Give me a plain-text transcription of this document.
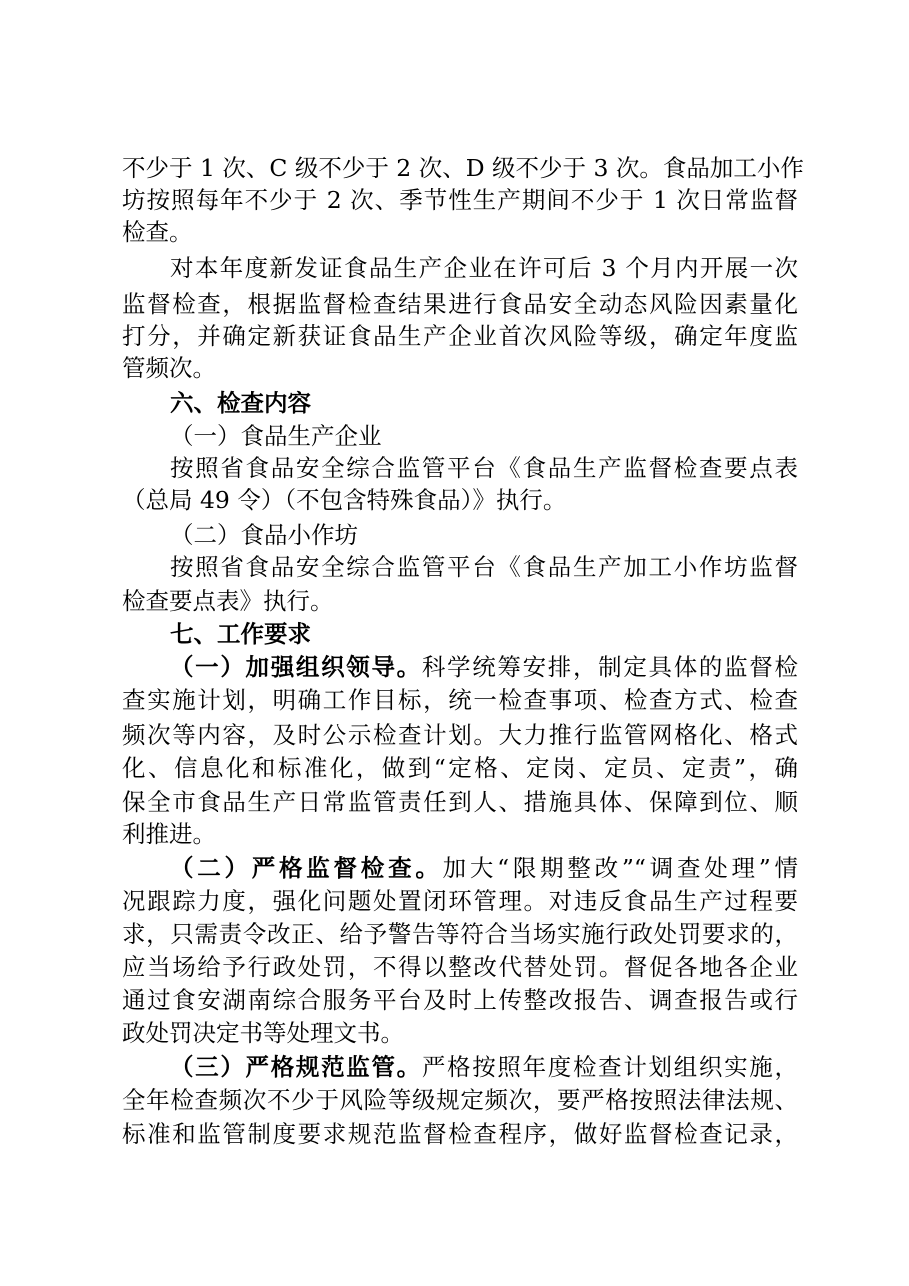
不少于 1 次、C 级不少于 2 次、D 级不少于 3 次。食品加工小作
坊按照每年不少于 2 次、季节性生产期间不少于 1 次日常监督
检查。
对本年度新发证食品生产企业在许可后 3 个月内开展一次
监督检查，根据监督检查结果进行食品安全动态风险因素量化
打分，并确定新获证食品生产企业首次风险等级，确定年度监
管频次。
六、检查内容
（一）食品生产企业
按照省食品安全综合监管平台《食品生产监督检查要点表
（总局 49 令）（不包含特殊食品）》执行。
（二）食品小作坊
按照省食品安全综合监管平台《食品生产加工小作坊监督
检查要点表》执行。
七、工作要求
（一）加强组织领导。科学统筹安排，制定具体的监督检
查实施计划，明确工作目标，统一检查事项、检查方式、检查
频次等内容，及时公示检查计划。大力推行监管网格化、格式
化、信息化和标准化，做到“定格、定岗、定员、定责”，确
保全市食品生产日常监管责任到人、措施具体、保障到位、顺
利推进。
（二）严格监督检查。加大“限期整改”“调查处理”情
况跟踪力度，强化问题处置闭环管理。对违反食品生产过程要
求，只需责令改正、给予警告等符合当场实施行政处罚要求的，
应当场给予行政处罚，不得以整改代替处罚。督促各地各企业
通过食安湖南综合服务平台及时上传整改报告、调查报告或行
政处罚决定书等处理文书。
（三）严格规范监管。严格按照年度检查计划组织实施，
全年检查频次不少于风险等级规定频次，要严格按照法律法规、
标准和监管制度要求规范监督检查程序，做好监督检查记录，
